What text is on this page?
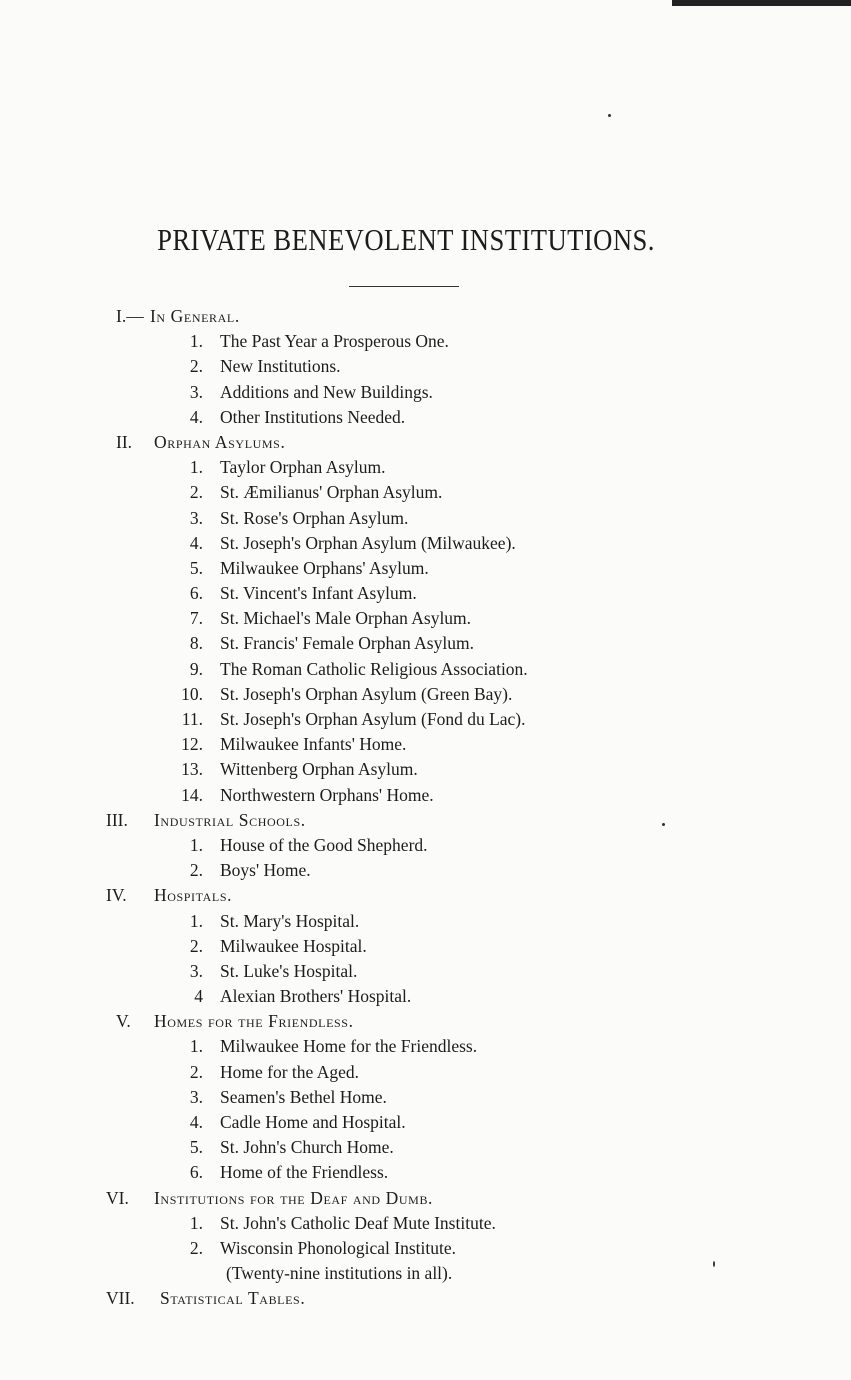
PRIVATE BENEVOLENT INSTITUTIONS.
I.— In General.
1. The Past Year a Prosperous One.
2. New Institutions.
3. Additions and New Buildings.
4. Other Institutions Needed.
II. Orphan Asylums.
1. Taylor Orphan Asylum.
2. St. Æmilianus' Orphan Asylum.
3. St. Rose's Orphan Asylum.
4. St. Joseph's Orphan Asylum (Milwaukee).
5. Milwaukee Orphans' Asylum.
6. St. Vincent's Infant Asylum.
7. St. Michael's Male Orphan Asylum.
8. St. Francis' Female Orphan Asylum.
9. The Roman Catholic Religious Association.
10. St. Joseph's Orphan Asylum (Green Bay).
11. St. Joseph's Orphan Asylum (Fond du Lac).
12. Milwaukee Infants' Home.
13. Wittenberg Orphan Asylum.
14. Northwestern Orphans' Home.
III. Industrial Schools.
1. House of the Good Shepherd.
2. Boys' Home.
IV. Hospitals.
1. St. Mary's Hospital.
2. Milwaukee Hospital.
3. St. Luke's Hospital.
4 Alexian Brothers' Hospital.
V. Homes for the Friendless.
1. Milwaukee Home for the Friendless.
2. Home for the Aged.
3. Seamen's Bethel Home.
4. Cadle Home and Hospital.
5. St. John's Church Home.
6. Home of the Friendless.
VI. Institutions for the Deaf and Dumb.
1. St. John's Catholic Deaf Mute Institute.
2. Wisconsin Phonological Institute.
(Twenty-nine institutions in all).
VII. Statistical Tables.
